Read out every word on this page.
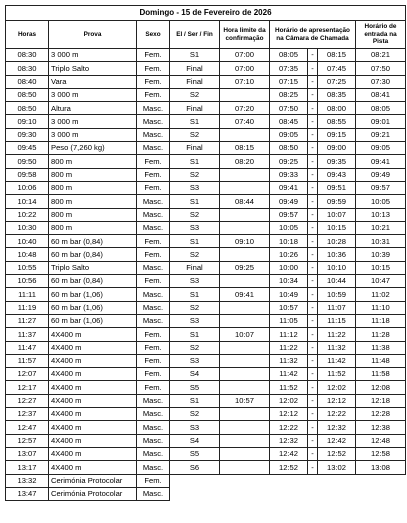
Domingo - 15 de Fevereiro de 2026								
Horas	Prova	Sexo	El / Ser / Fin	Hora limite da confirmação	Horário de apresentação na Câmara de Chamada			Horário de entrada na Pista
08:30	3 000 m	Fem.	S1	07:00	08:05	-	08:15	08:21
08:30	Triplo Salto	Fem.	Final	07:00	07:35	-	07:45	07:50
08:40	Vara	Fem.	Final	07:10	07:15	-	07:25	07:30
08:50	3 000 m	Fem.	S2		08:25	-	08:35	08:41
08:50	Altura	Masc.	Final	07:20	07:50	-	08:00	08:05
09:10	3 000 m	Masc.	S1	07:40	08:45	-	08:55	09:01
09:30	3 000 m	Masc.	S2		09:05	-	09:15	09:21
09:45	Peso (7,260 kg)	Masc.	Final	08:15	08:50	-	09:00	09:05
09:50	800 m	Fem.	S1	08:20	09:25	-	09:35	09:41
09:58	800 m	Fem.	S2		09:33	-	09:43	09:49
10:06	800 m	Fem.	S3		09:41	-	09:51	09:57
10:14	800 m	Masc.	S1	08:44	09:49	-	09:59	10:05
10:22	800 m	Masc.	S2		09:57	-	10:07	10:13
10:30	800 m	Masc.	S3		10:05	-	10:15	10:21
10:40	60 m bar (0,84)	Fem.	S1	09:10	10:18	-	10:28	10:31
10:48	60 m bar (0,84)	Fem.	S2		10:26	-	10:36	10:39
10:55	Triplo Salto	Masc.	Final	09:25	10:00	-	10:10	10:15
10:56	60 m bar (0,84)	Fem.	S3		10:34	-	10:44	10:47
11:11	60 m bar (1,06)	Masc.	S1	09:41	10:49	-	10:59	11:02
11:19	60 m bar (1,06)	Masc.	S2		10:57	-	11:07	11:10
11:27	60 m bar (1,06)	Masc.	S3		11:05	-	11:15	11:18
11:37	4X400 m	Fem.	S1	10:07	11:12	-	11:22	11:28
11:47	4X400 m	Fem.	S2		11:22	-	11:32	11:38
11:57	4X400 m	Fem.	S3		11:32	-	11:42	11:48
12:07	4X400 m	Fem.	S4		11:42	-	11:52	11:58
12:17	4X400 m	Fem.	S5		11:52	-	12:02	12:08
12:27	4X400 m	Masc.	S1	10:57	12:02	-	12:12	12:18
12:37	4X400 m	Masc.	S2		12:12	-	12:22	12:28
12:47	4X400 m	Masc.	S3		12:22	-	12:32	12:38
12:57	4X400 m	Masc.	S4		12:32	-	12:42	12:48
13:07	4X400 m	Masc.	S5		12:42	-	12:52	12:58
13:17	4X400 m	Masc.	S6		12:52	-	13:02	13:08
13:32	Cerimónia Protocolar	Fem.						
13:47	Cerimónia Protocolar	Masc.						
